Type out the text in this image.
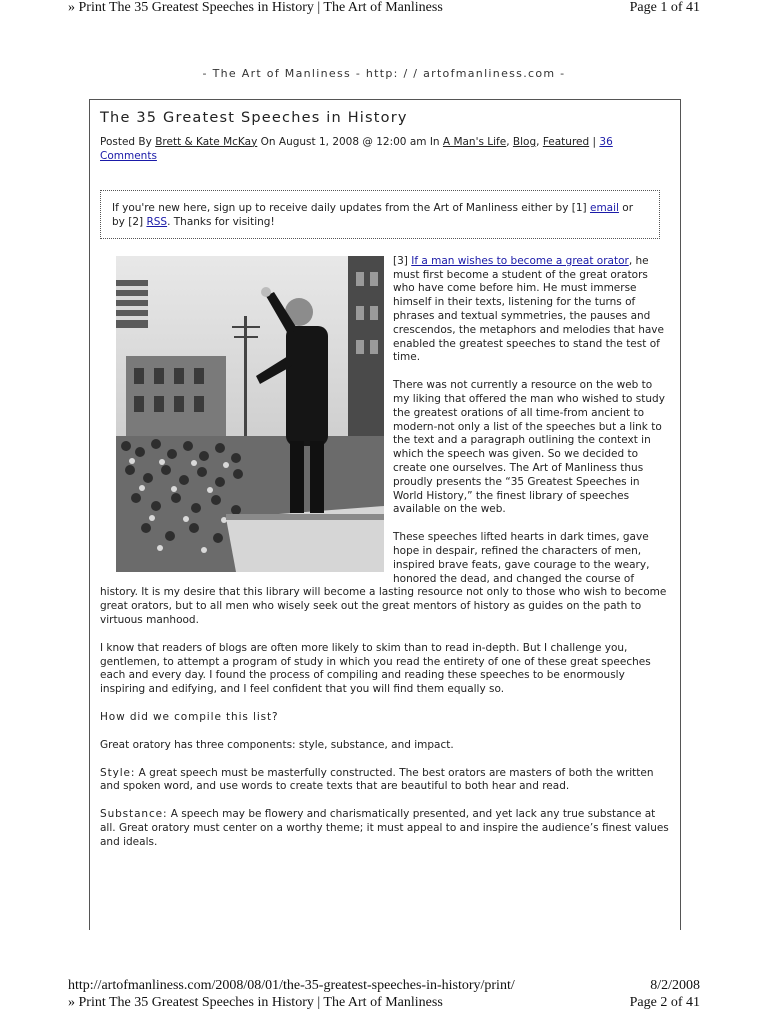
» Print The 35 Greatest Speeches in History | The Art of Manliness	Page 1 of 41
- The Art of Manliness - http: / / artofmanliness.com -
The 35 Greatest Speeches in History
Posted By Brett & Kate McKay On August 1, 2008 @ 12:00 am In A Man's Life, Blog, Featured | 36 Comments
If you're new here, sign up to receive daily updates from the Art of Manliness either by [1] email or by [2] RSS. Thanks for visiting!

[3] If a man wishes to become a great orator, he must first become a student of the great orators who have come before him. He must immerse himself in their texts, listening for the turns of phrases and textual symmetries, the pauses and crescendos, the metaphors and melodies that have enabled the greatest speeches to stand the test of time.

There was not currently a resource on the web to my liking that offered the man who wished to study the greatest orations of all time-from ancient to modern-not only a list of the speeches but a link to the text and a paragraph outlining the context in which the speech was given. So we decided to create one ourselves. The Art of Manliness thus proudly presents the “35 Greatest Speeches in World History,” the finest library of speeches available on the web.

These speeches lifted hearts in dark times, gave hope in despair, refined the characters of men, inspired brave feats, gave courage to the weary, honored the dead, and changed the course of history. It is my desire that this library will become a lasting resource not only to those who wish to become great orators, but to all men who wisely seek out the great mentors of history as guides on the path to virtuous manhood.

I know that readers of blogs are often more likely to skim than to read in-depth. But I challenge you, gentlemen, to attempt a program of study in which you read the entirety of one of these great speeches each and every day. I found the process of compiling and reading these speeches to be enormously inspiring and edifying, and I feel confident that you will find them equally so.

How did we compile this list?

Great oratory has three components: style, substance, and impact.

Style: A great speech must be masterfully constructed. The best orators are masters of both the written and spoken word, and use words to create texts that are beautiful to both hear and read.

Substance: A speech may be flowery and charismatically presented, and yet lack any true substance at all. Great oratory must center on a worthy theme; it must appeal to and inspire the audience’s finest values and ideals.

http://artofmanliness.com/2008/08/01/the-35-greatest-speeches-in-history/print/	8/2/2008
» Print The 35 Greatest Speeches in History | The Art of Manliness	Page 2 of 41
